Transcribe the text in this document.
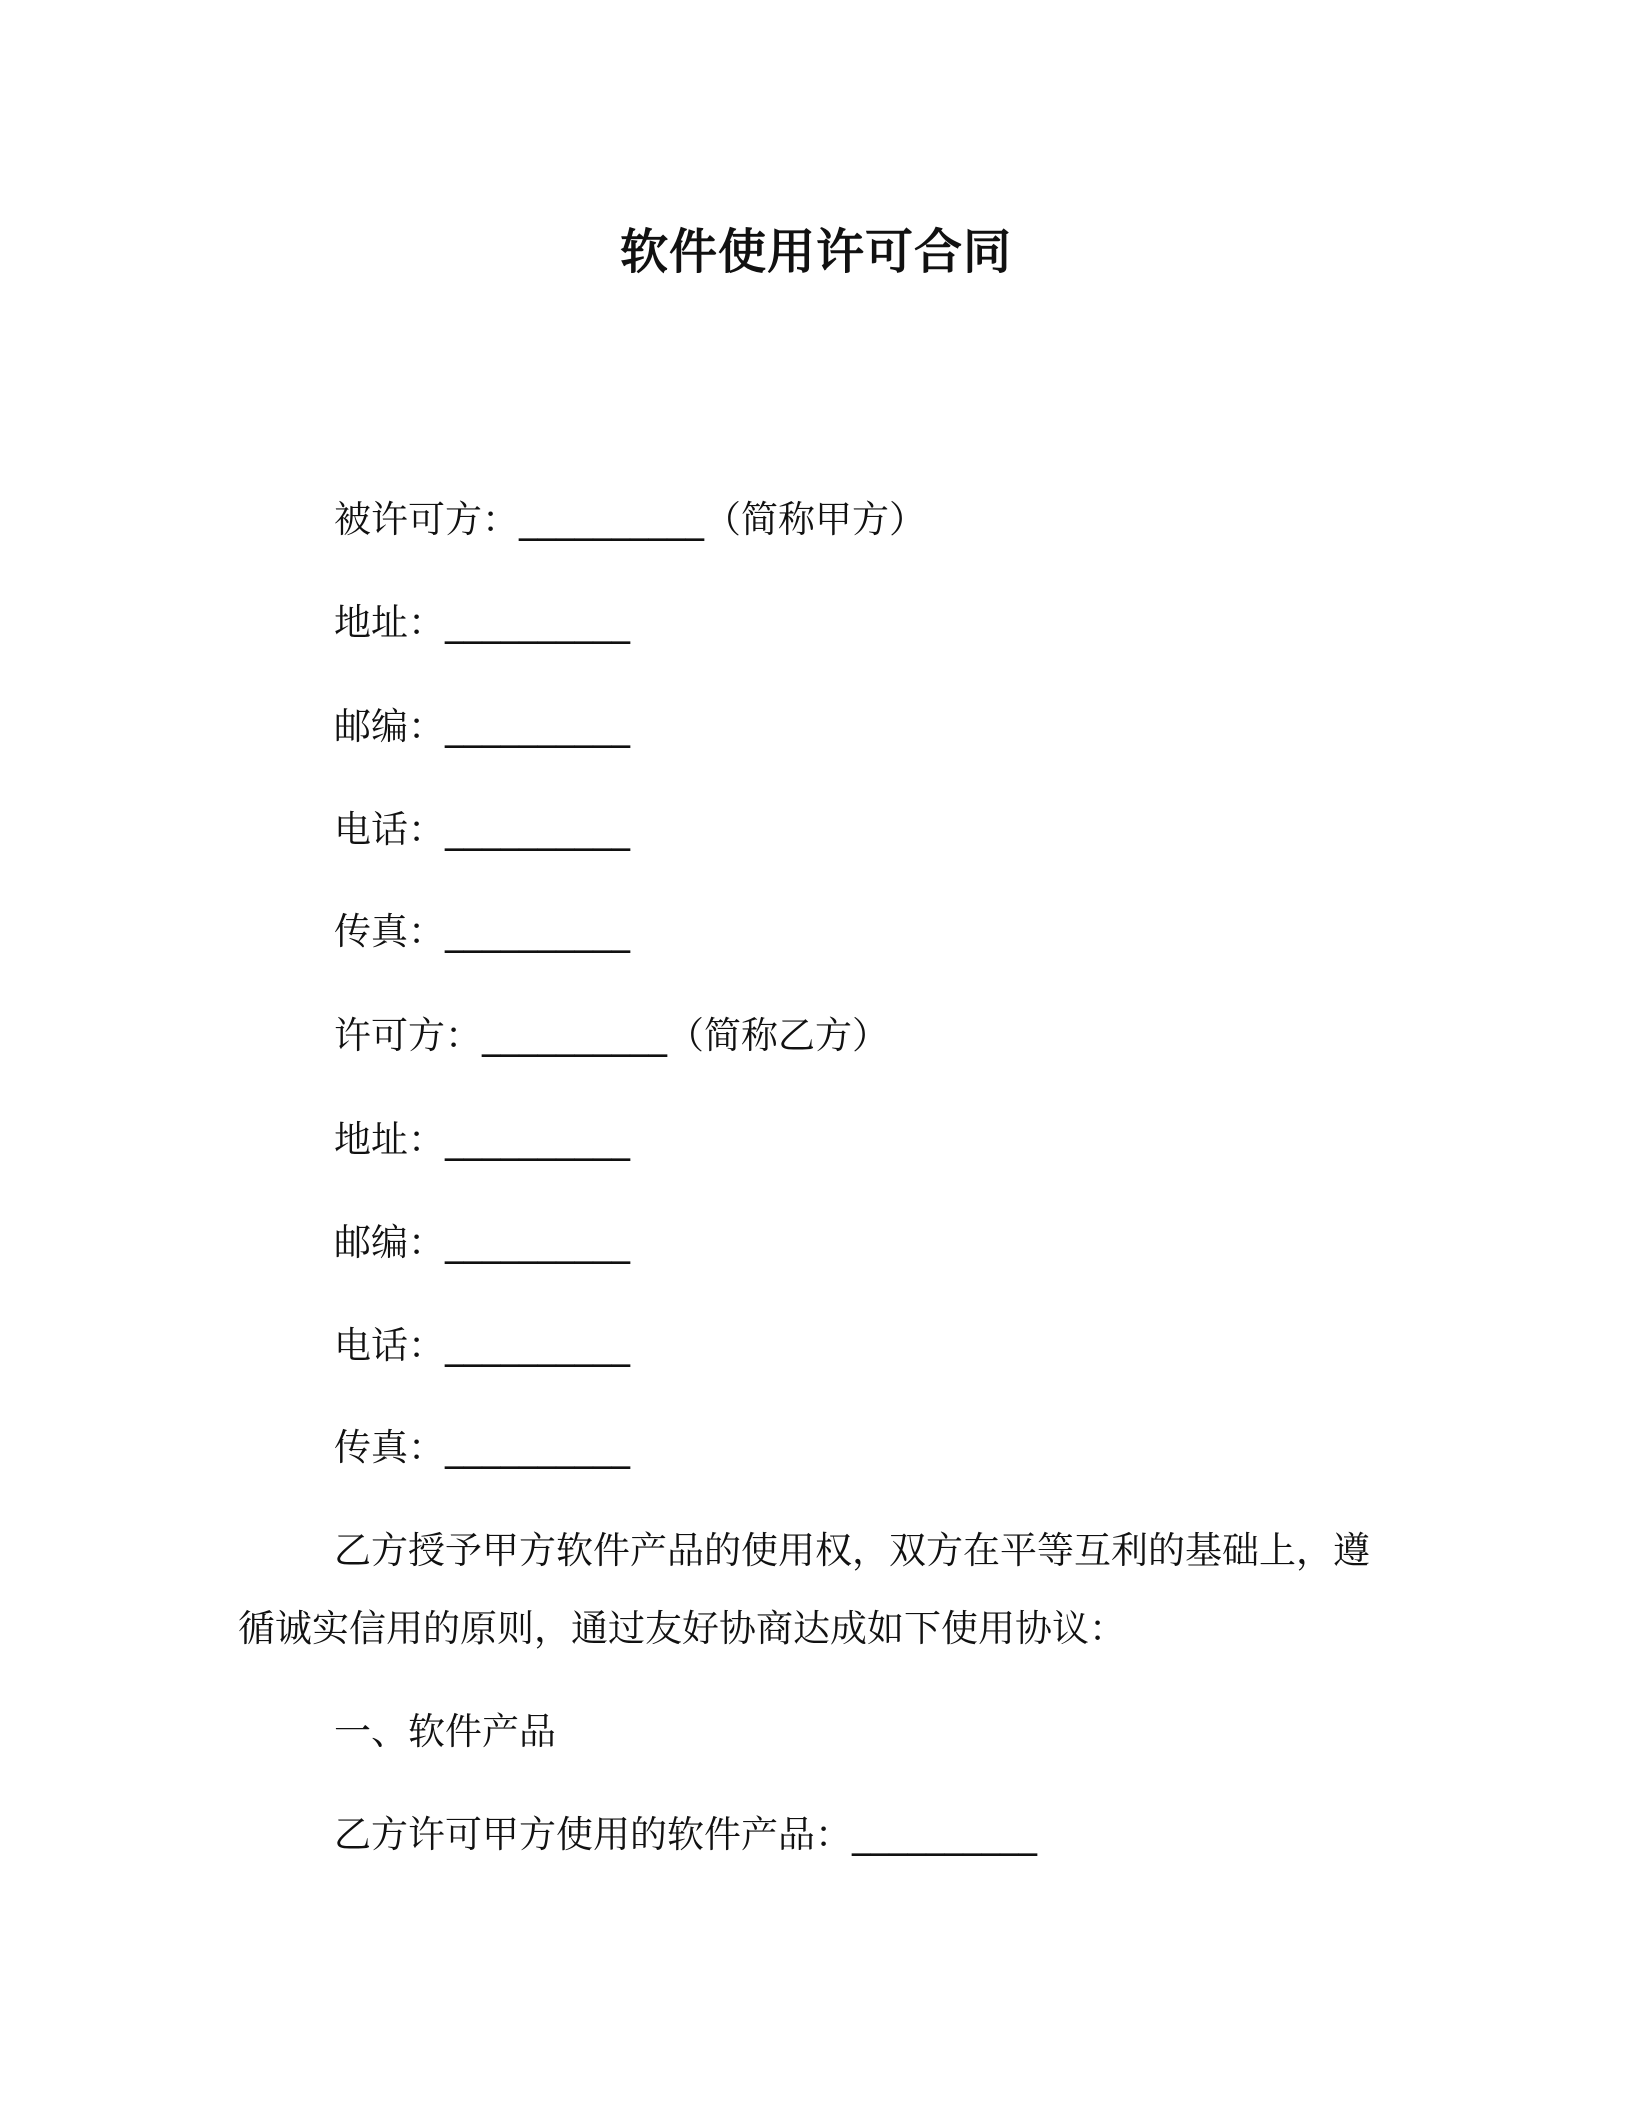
软件使用许可合同
被许可方：__________（简称甲方）
地址：__________
邮编：__________
电话：__________
传真：__________
许可方：__________（简称乙方）
地址：__________
邮编：__________
电话：__________
传真：__________
乙方授予甲方软件产品的使用权，双方在平等互利的基础上，遵循诚实信用的原则，通过友好协商达成如下使用协议：
一、软件产品
乙方许可甲方使用的软件产品：__________
